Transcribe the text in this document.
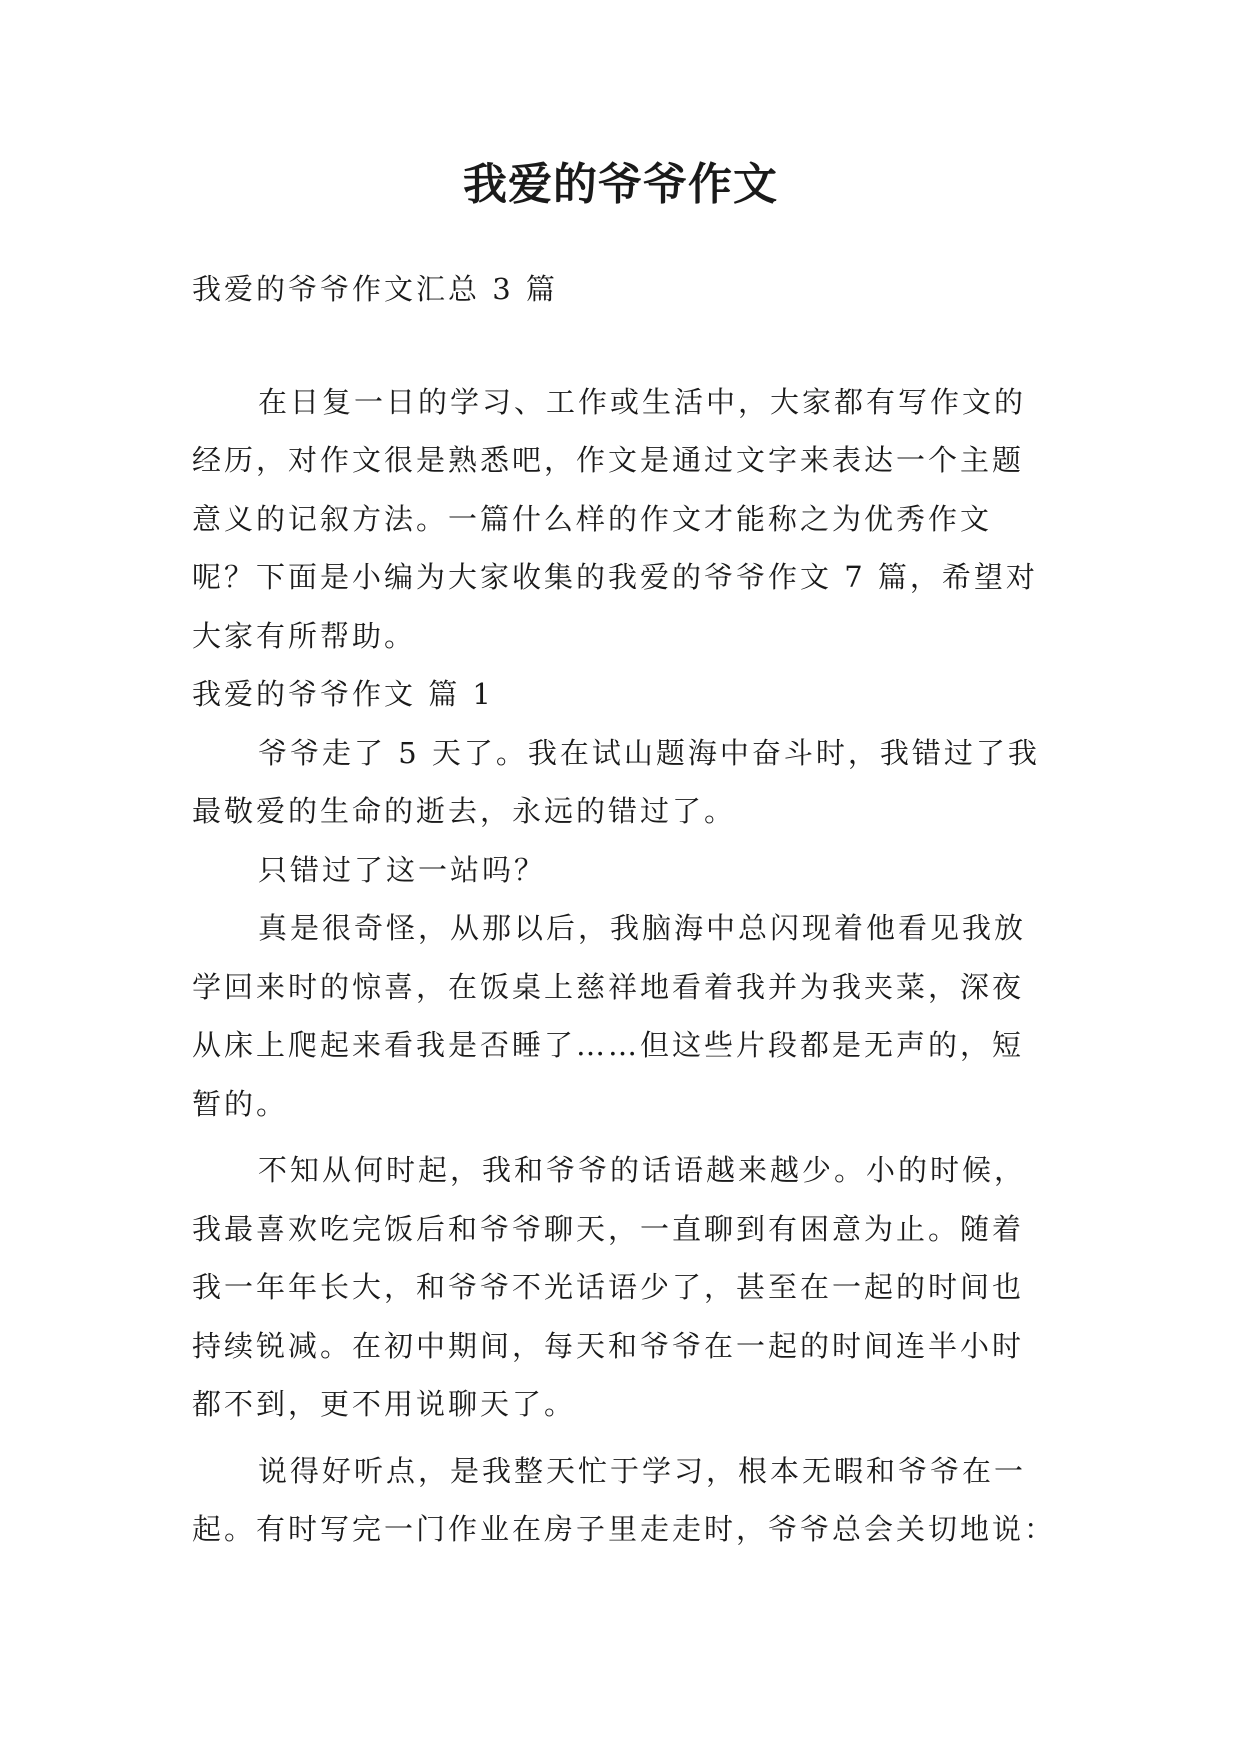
我爱的爷爷作文
我爱的爷爷作文汇总 3 篇
在日复一日的学习、工作或生活中，大家都有写作文的
经历，对作文很是熟悉吧，作文是通过文字来表达一个主题
意义的记叙方法。一篇什么样的作文才能称之为优秀作文
呢？下面是小编为大家收集的我爱的爷爷作文 7 篇，希望对
大家有所帮助。
我爱的爷爷作文 篇 1
爷爷走了 5 天了。我在试山题海中奋斗时，我错过了我
最敬爱的生命的逝去，永远的错过了。
只错过了这一站吗？
真是很奇怪，从那以后，我脑海中总闪现着他看见我放
学回来时的惊喜，在饭桌上慈祥地看着我并为我夹菜，深夜
从床上爬起来看我是否睡了……但这些片段都是无声的，短
暂的。
不知从何时起，我和爷爷的话语越来越少。小的时候，
我最喜欢吃完饭后和爷爷聊天，一直聊到有困意为止。随着
我一年年长大，和爷爷不光话语少了，甚至在一起的时间也
持续锐减。在初中期间，每天和爷爷在一起的时间连半小时
都不到，更不用说聊天了。
说得好听点，是我整天忙于学习，根本无暇和爷爷在一
起。有时写完一门作业在房子里走走时，爷爷总会关切地说：
